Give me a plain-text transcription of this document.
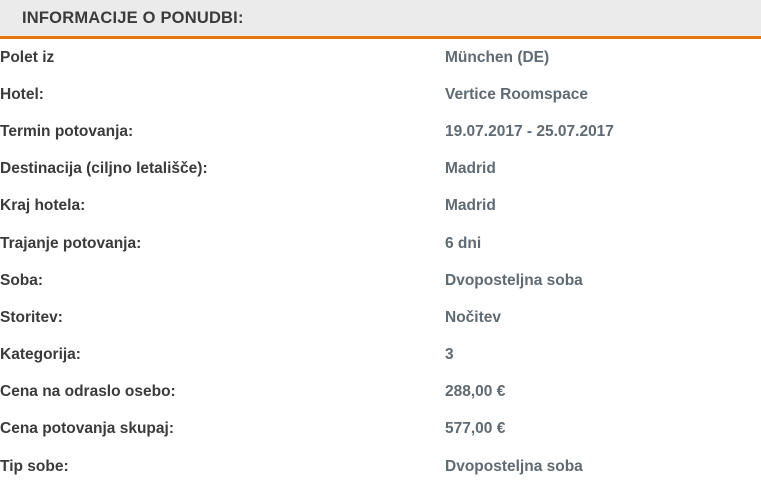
INFORMACIJE O PONUDBI:
Polet iz	München (DE)
Hotel:	Vertice Roomspace
Termin potovanja:	19.07.2017 - 25.07.2017
Destinacija (ciljno letališče):	Madrid
Kraj hotela:	Madrid
Trajanje potovanja:	6 dni
Soba:	Dvoposteljna soba
Storitev:	Nočitev
Kategorija:	3
Cena na odraslo osebo:	288,00 €
Cena potovanja skupaj:	577,00 €
Tip sobe:	Dvoposteljna soba
